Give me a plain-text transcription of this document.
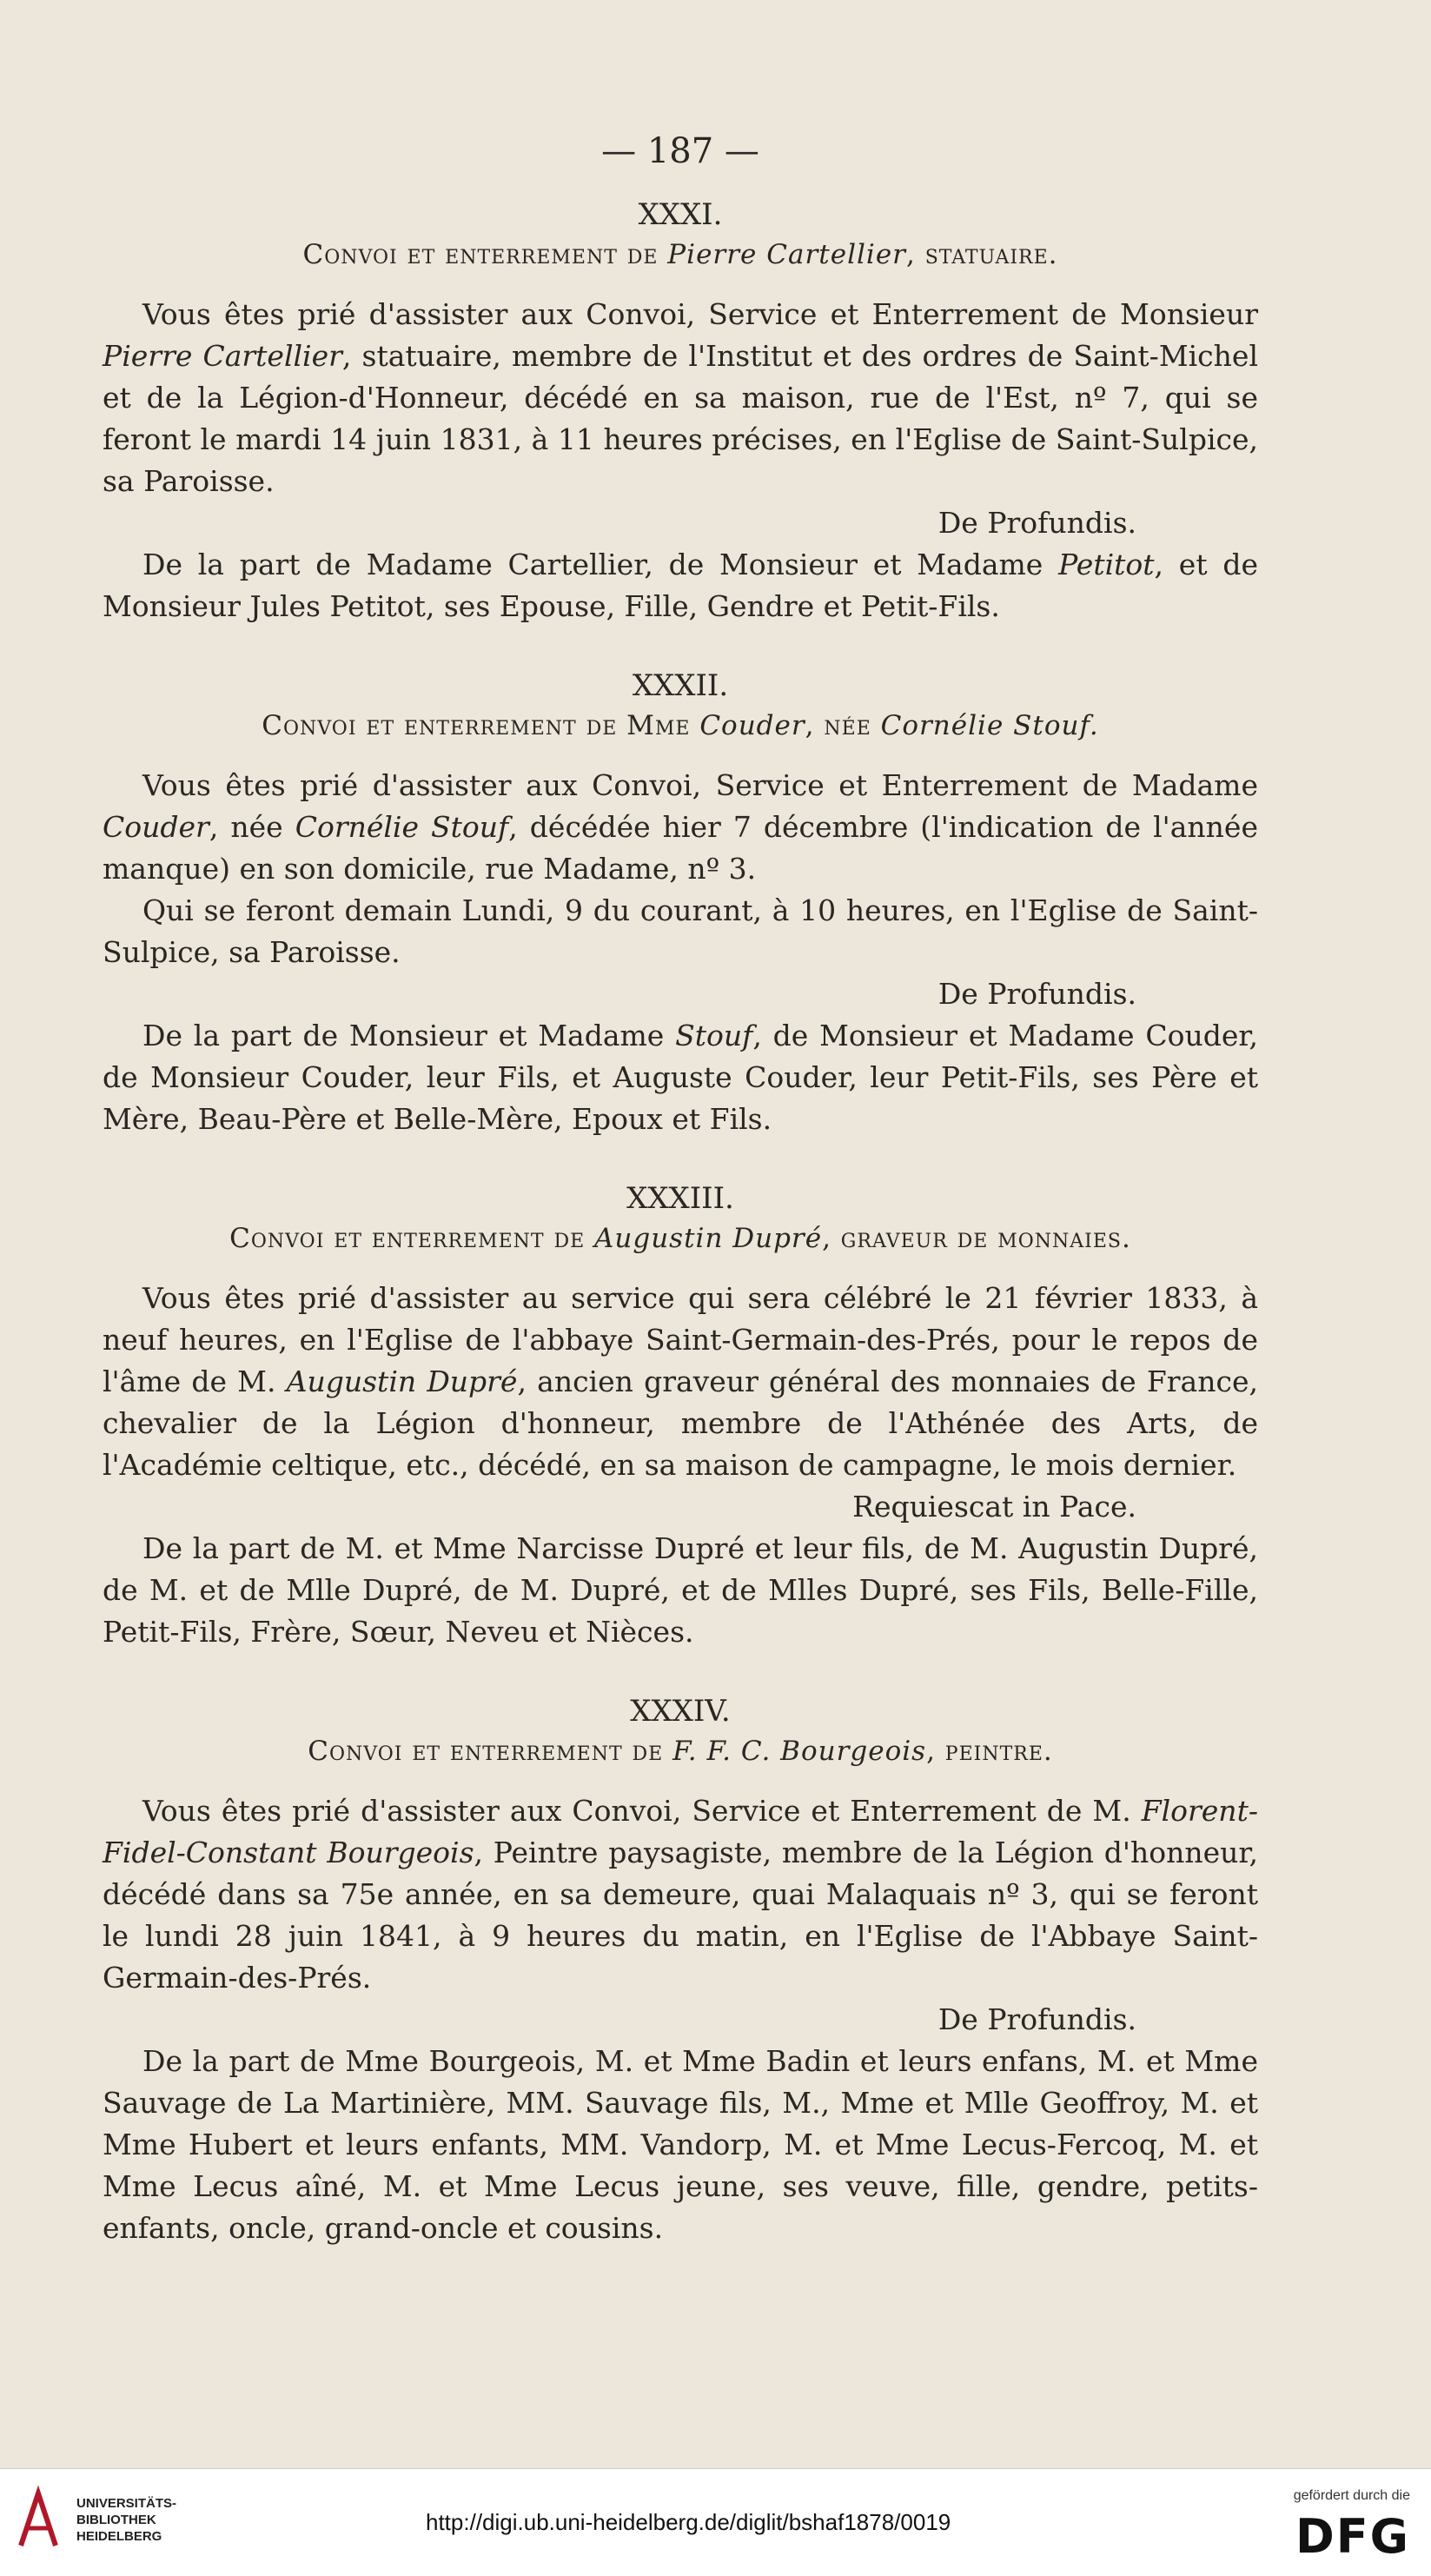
— 187 —
XXXI.
Convoi et enterrement de Pierre Cartellier, statuaire.

Vous êtes prié d'assister aux Convoi, Service et Enterrement de Monsieur Pierre Cartellier, statuaire, membre de l'Institut et des ordres de Saint-Michel et de la Légion-d'Honneur, décédé en sa maison, rue de l'Est, nº 7, qui se feront le mardi 14 juin 1831, à 11 heures précises, en l'Eglise de Saint-Sulpice, sa Paroisse.

De Profundis.

De la part de Madame Cartellier, de Monsieur et Madame Petitot, et de Monsieur Jules Petitot, ses Epouse, Fille, Gendre et Petit-Fils.

XXXII.
Convoi et enterrement de Mme Couder, née Cornélie Stouf.

Vous êtes prié d'assister aux Convoi, Service et Enterrement de Madame Couder, née Cornélie Stouf, décédée hier 7 décembre (l'indication de l'année manque) en son domicile, rue Madame, nº 3.

Qui se feront demain Lundi, 9 du courant, à 10 heures, en l'Eglise de Saint-Sulpice, sa Paroisse.

De Profundis.

De la part de Monsieur et Madame Stouf, de Monsieur et Madame Couder, de Monsieur Couder, leur Fils, et Auguste Couder, leur Petit-Fils, ses Père et Mère, Beau-Père et Belle-Mère, Epoux et Fils.

XXXIII.
Convoi et enterrement de Augustin Dupré, graveur de monnaies.

Vous êtes prié d'assister au service qui sera célébré le 21 février 1833, à neuf heures, en l'Eglise de l'abbaye Saint-Germain-des-Prés, pour le repos de l'âme de M. Augustin Dupré, ancien graveur général des monnaies de France, chevalier de la Légion d'honneur, membre de l'Athénée des Arts, de l'Académie celtique, etc., décédé, en sa maison de campagne, le mois dernier.

Requiescat in Pace.

De la part de M. et Mme Narcisse Dupré et leur fils, de M. Augustin Dupré, de M. et de Mlle Dupré, de M. Dupré, et de Mlles Dupré, ses Fils, Belle-Fille, Petit-Fils, Frère, Sœur, Neveu et Nièces.

XXXIV.
Convoi et enterrement de F. F. C. Bourgeois, peintre.

Vous êtes prié d'assister aux Convoi, Service et Enterrement de M. Florent-Fidel-Constant Bourgeois, Peintre paysagiste, membre de la Légion d'honneur, décédé dans sa 75e année, en sa demeure, quai Malaquais nº 3, qui se feront le lundi 28 juin 1841, à 9 heures du matin, en l'Eglise de l'Abbaye Saint-Germain-des-Prés.

De Profundis.

De la part de Mme Bourgeois, M. et Mme Badin et leurs enfans, M. et Mme Sauvage de La Martinière, MM. Sauvage fils, M., Mme et Mlle Geoffroy, M. et Mme Hubert et leurs enfants, MM. Vandorp, M. et Mme Lecus-Fercoq, M. et Mme Lecus aîné, M. et Mme Lecus jeune, ses veuve, fille, gendre, petits-enfants, oncle, grand-oncle et cousins.

UNIVERSITÄTS-
BIBLIOTHEK
HEIDELBERG
http://digi.ub.uni-heidelberg.de/diglit/bshaf1878/0019
gefördert durch die
DFG
